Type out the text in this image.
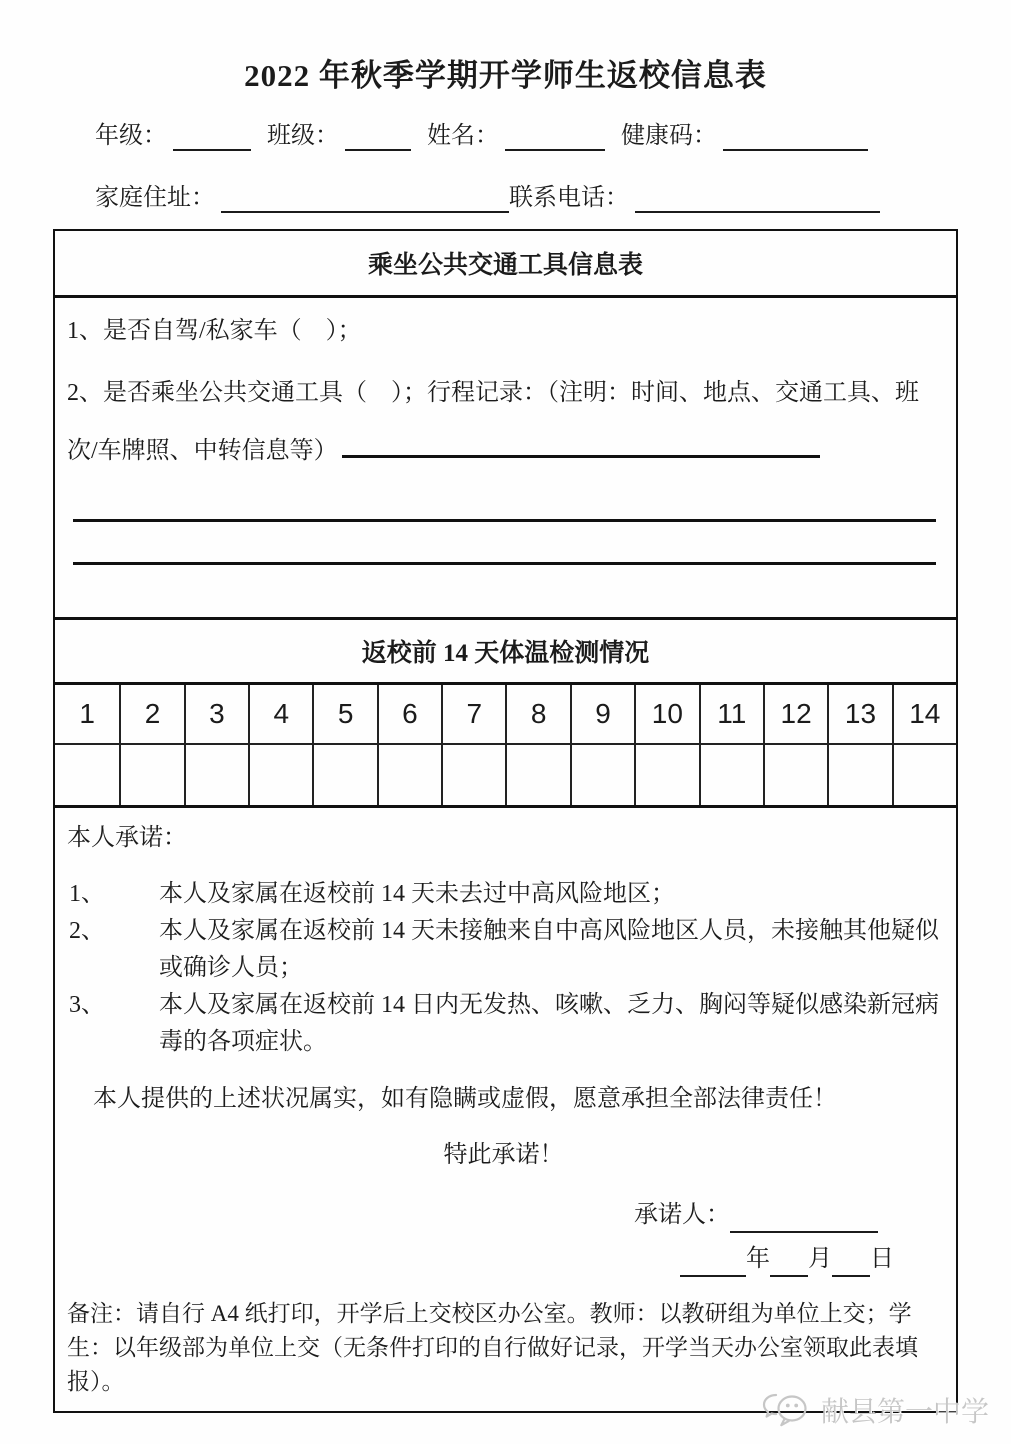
2022 年秋季学期开学师生返校信息表
年级：	班级：	姓名：	健康码：
家庭住址：	联系电话：
乘坐公共交通工具信息表

1、是否自驾/私家车（　）；

2、是否乘坐公共交通工具（　）；行程记录：（注明：时间、地点、交通工具、班次/车牌照、中转信息等）

返校前 14 天体温检测情况
1	2	3	4	5	6	7	8	9	10	11	12	13	14

本人承诺：

1、	本人及家属在返校前 14 天未去过中高风险地区；
2、	本人及家属在返校前 14 天未接触来自中高风险地区人员，未接触其他疑似或确诊人员；
3、	本人及家属在返校前 14 日内无发热、咳嗽、乏力、胸闷等疑似感染新冠病毒的各项症状。

本人提供的上述状况属实，如有隐瞒或虚假，愿意承担全部法律责任！

特此承诺！

承诺人：
年 月 日

备注：请自行 A4 纸打印，开学后上交校区办公室。教师：以教研组为单位上交；学生：以年级部为单位上交（无条件打印的自行做好记录，开学当天办公室领取此表填报）。

献县第一中学
